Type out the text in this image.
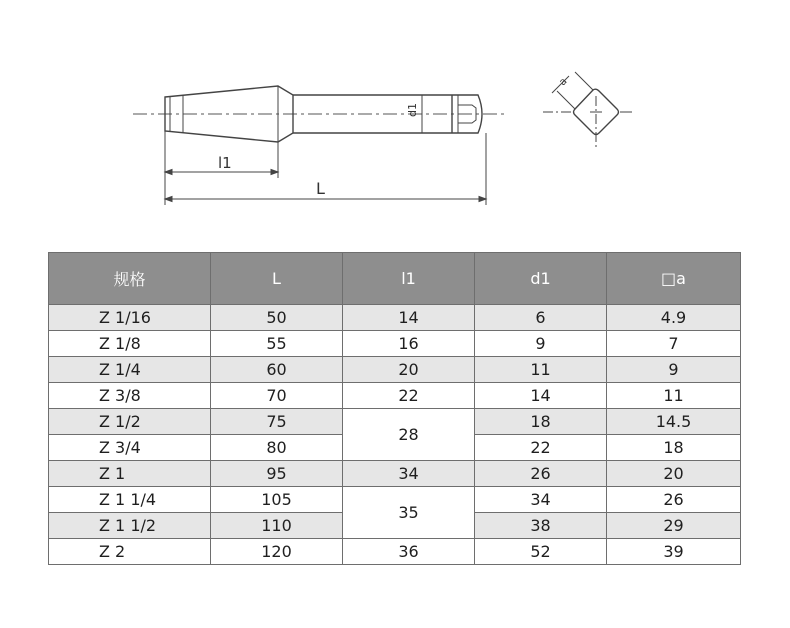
d1
l1
L
a
规格	L	l1	d1	□a
Z 1/16	50	14	6	4.9
Z 1/8	55	16	9	7
Z 1/4	60	20	11	9
Z 3/8	70	22	14	11
Z 1/2	75	28	18	14.5
Z 3/4	80		22	18
Z 1	95	34	26	20
Z 1 1/4	105	35	34	26
Z 1 1/2	110		38	29
Z 2	120	36	52	39
